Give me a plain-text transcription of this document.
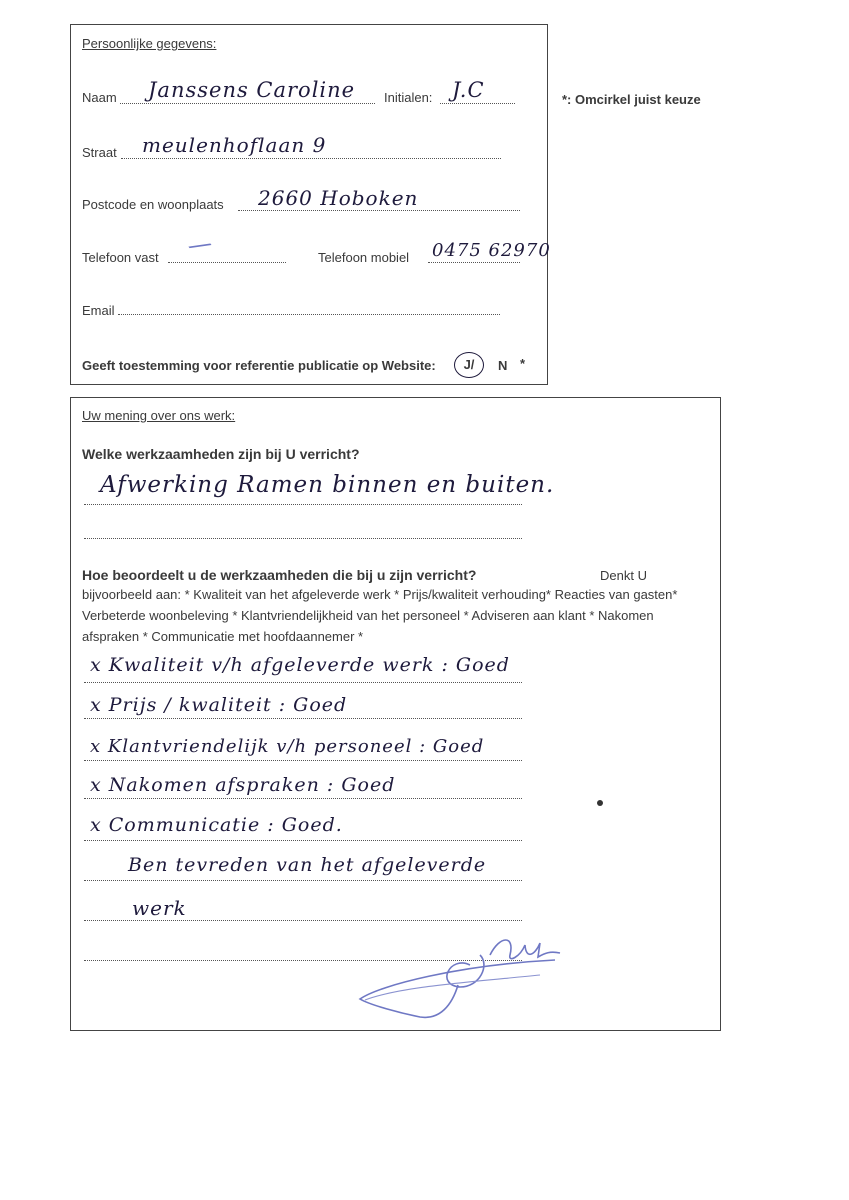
*: Omcirkel juist keuze
Persoonlijke gegevens:
Naam Janssens Caroline Initialen: J.C
Straat meulenhoflaan 9
Postcode en woonplaats 2660 Hoboken
Telefoon vast /	Telefoon mobiel 0475 62970
Email
Geeft toestemming voor referentie publicatie op Website:	J/	N *
Uw mening over ons werk:
Welke werkzaamheden zijn bij U verricht?
Afwerking Ramen binnen en buiten.
Hoe beoordeelt u de werkzaamheden die bij u zijn verricht?	Denkt U
bijvoorbeeld aan: * Kwaliteit van het afgeleverde werk * Prijs/kwaliteit verhouding* Reacties van gasten* Verbeterde woonbeleving * Klantvriendelijkheid van het personeel * Adviseren aan klant * Nakomen afspraken * Communicatie met hoofdaannemer *
x Kwaliteit v/h afgeleverde werk : Goed
x Prijs / kwaliteit : Goed
x Klantvriendelijk v/h personeel : Goed
x Nakomen afspraken : Goed
x Communicatie : Goed.
Ben tevreden van het afgeleverde
werk
